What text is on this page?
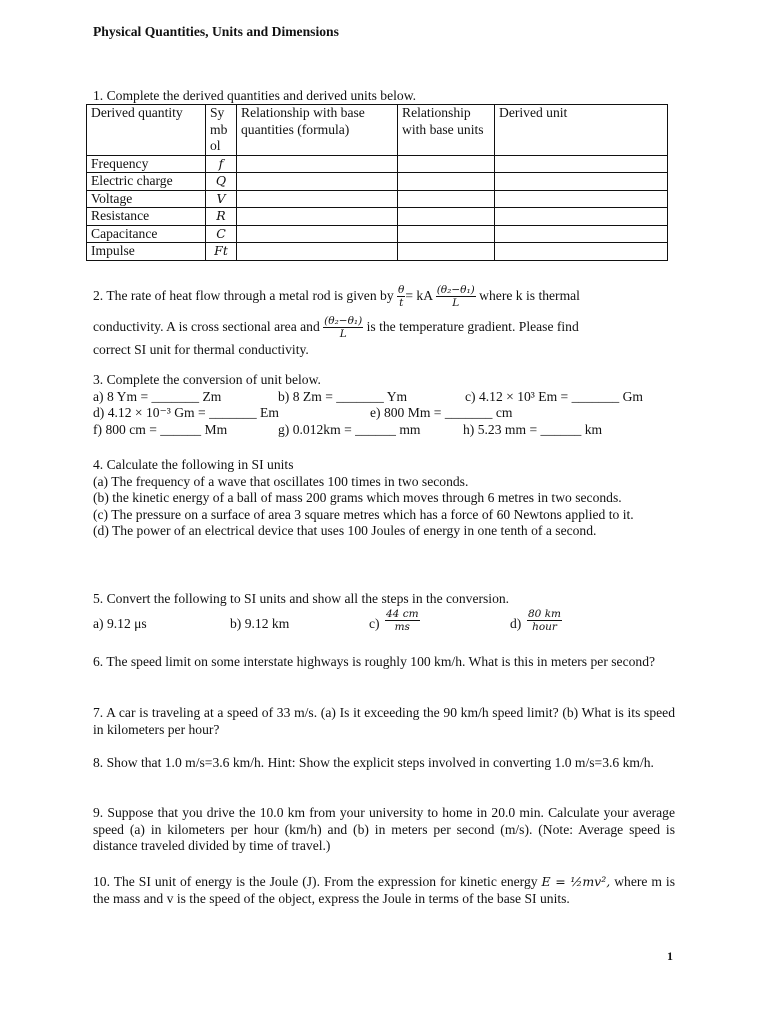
Physical Quantities, Units and Dimensions
1. Complete the derived quantities and derived units below.
Derived quantity	Sy mb ol	Relationship with base quantities (formula)	Relationship with base units	Derived unit
Frequency	f			
Electric charge	Q			
Voltage	V			
Resistance	R			
Capacitance	C			
Impulse	Ft			
2. The rate of heat flow through a metal rod is given by $\frac{\theta}{t}$ = kA $\frac{\text{(θ₂−θ₁)}}{L}$ where k is thermal
conductivity. A is cross sectional area and $\frac{\text{(θ₂−θ₁)}}{L}$ is the temperature gradient. Please find
correct SI unit for thermal conductivity.
3. Complete the conversion of unit below.

a) 8 Ym = _______ Zm

	b) 8 Zm = _______ Ym

	c) 4.12 × 10³ Em = _______ Gm

d) 4.12 × 10⁻³ Gm = _______ Em

	e) 800 Mm = _______ cm

f) 800 cm = ______ Mm

	g) 0.012km = ______ mm

	h) 5.23 mm = ______ km

4. Calculate the following in SI units
(a) The frequency of a wave that oscillates 100 times in two seconds.
(b) the kinetic energy of a ball of mass 200 grams which moves through 6 metres in two seconds.
(c) The pressure on a surface of area 3 square metres which has a force of 60 Newtons applied to it.
(d) The power of an electrical device that uses 100 Joules of energy in one tenth of a second.
5. Convert the following to SI units and show all the steps in the conversion.
a) 9.12 μs	b) 9.12 km	$c) \frac{44 cm}{ms}$	d)
80 km
hour
6. The speed limit on some interstate highways is roughly 100 km/h. What is this in meters per second?
7. A car is traveling at a speed of 33 m/s. (a) Is it exceeding the 90 km/h speed limit? (b) What is its speed in kilometers per hour?
8. Show that 1.0 m/s=3.6 km/h. Hint: Show the explicit steps involved in converting 1.0 m/s=3.6 km/h.
9. Suppose that you drive the 10.0 km from your university to home in 20.0 min. Calculate your average speed (a) in kilometers per hour (km/h) and (b) in meters per second (m/s). (Note: Average speed is distance traveled divided by time of travel.)
10. The SI unit of energy is the Joule (J). From the expression for kinetic energy E = ½mv², where m is the mass and v is the speed of the object, express the Joule in terms of the base SI units.
1
